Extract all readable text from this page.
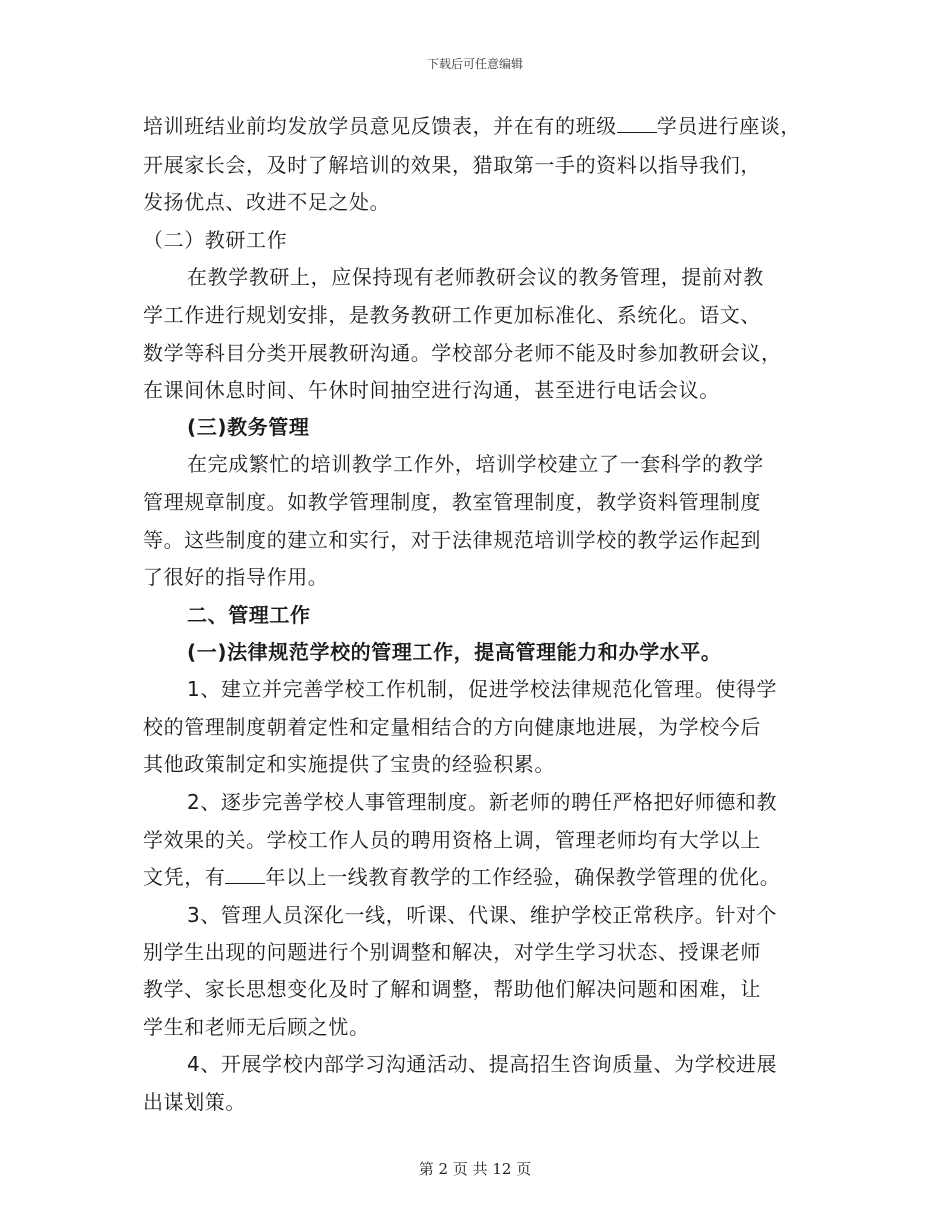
下载后可任意编辑
培训班结业前均发放学员意见反馈表，并在有的班级 学员进行座谈，
开展家长会，及时了解培训的效果，猎取第一手的资料以指导我们，
发扬优点、改进不足之处。
（二）教研工作
在教学教研上，应保持现有老师教研会议的教务管理，提前对教
学工作进行规划安排，是教务教研工作更加标准化、系统化。语文、
数学等科目分类开展教研沟通。学校部分老师不能及时参加教研会议，
在课间休息时间、午休时间抽空进行沟通，甚至进行电话会议。
(三)教务管理
在完成繁忙的培训教学工作外，培训学校建立了一套科学的教学
管理规章制度。如教学管理制度，教室管理制度，教学资料管理制度
等。这些制度的建立和实行，对于法律规范培训学校的教学运作起到
了很好的指导作用。
二、管理工作
(一)法律规范学校的管理工作，提高管理能力和办学水平。
1、建立并完善学校工作机制，促进学校法律规范化管理。使得学
校的管理制度朝着定性和定量相结合的方向健康地进展，为学校今后
其他政策制定和实施提供了宝贵的经验积累。
2、逐步完善学校人事管理制度。新老师的聘任严格把好师德和教
学效果的关。学校工作人员的聘用资格上调，管理老师均有大学以上
文凭，有 年以上一线教育教学的工作经验，确保教学管理的优化。
3、管理人员深化一线，听课、代课、维护学校正常秩序。针对个
别学生出现的问题进行个别调整和解决，对学生学习状态、授课老师
教学、家长思想变化及时了解和调整，帮助他们解决问题和困难，让
学生和老师无后顾之忧。
4、开展学校内部学习沟通活动、提高招生咨询质量、为学校进展
出谋划策。
第 2 页 共 12 页
